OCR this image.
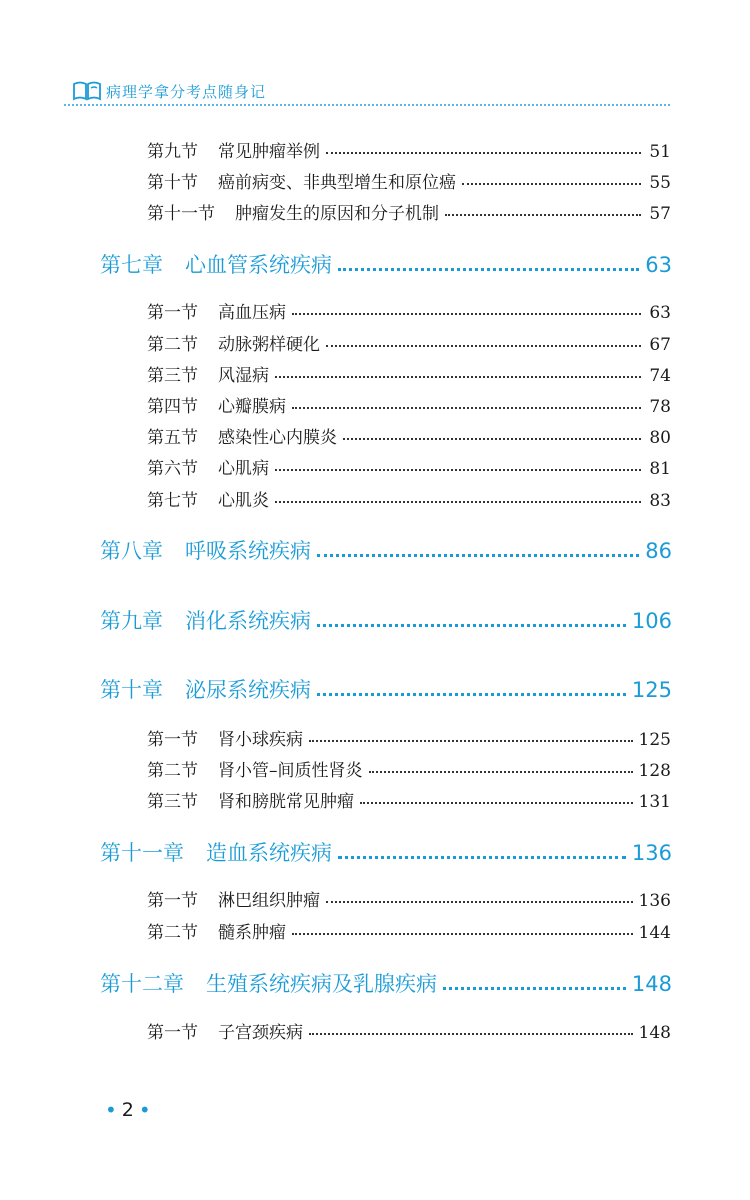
病理学拿分考点随身记
第九节 常见肿瘤举例	51
第十节 癌前病变、非典型增生和原位癌	55
第十一节 肿瘤发生的原因和分子机制	57
第七章 心血管系统疾病	63
第一节 高血压病	63
第二节 动脉粥样硬化	67
第三节 风湿病	74
第四节 心瓣膜病	78
第五节 感染性心内膜炎	80
第六节 心肌病	81
第七节 心肌炎	83
第八章 呼吸系统疾病	86
第九章 消化系统疾病	106
第十章 泌尿系统疾病	125
第一节 肾小球疾病	125
第二节 肾小管–间质性肾炎	128
第三节 肾和膀胱常见肿瘤	131
第十一章 造血系统疾病	136
第一节 淋巴组织肿瘤	136
第二节 髓系肿瘤	144
第十二章 生殖系统疾病及乳腺疾病	148
第一节 子宫颈疾病	148
• 2 •
